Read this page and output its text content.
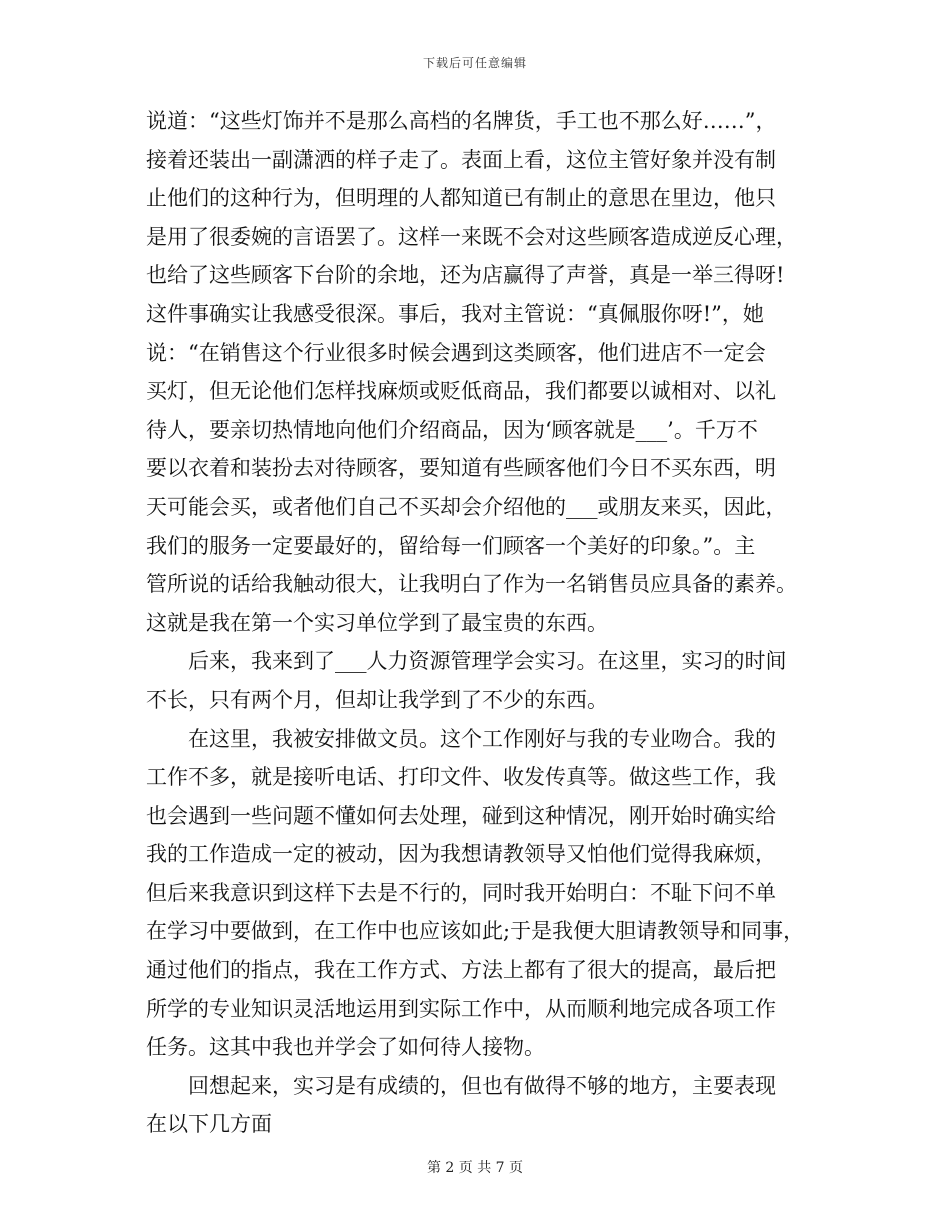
下载后可任意编辑
说道：“这些灯饰并不是那么高档的名牌货，手工也不那么好……”，
接着还装出一副潇洒的样子走了。表面上看，这位主管好象并没有制
止他们的这种行为，但明理的人都知道已有制止的意思在里边，他只
是用了很委婉的言语罢了。这样一来既不会对这些顾客造成逆反心理，
也给了这些顾客下台阶的余地，还为店赢得了声誉，真是一举三得呀!
这件事确实让我感受很深。事后，我对主管说：“真佩服你呀!”，她
说：“在销售这个行业很多时候会遇到这类顾客，他们进店不一定会
买灯，但无论他们怎样找麻烦或贬低商品，我们都要以诚相对、以礼
待人，要亲切热情地向他们介绍商品，因为‘顾客就是___’。千万不
要以衣着和装扮去对待顾客，要知道有些顾客他们今日不买东西，明
天可能会买，或者他们自己不买却会介绍他的___或朋友来买，因此，
我们的服务一定要最好的，留给每一们顾客一个美好的印象。”。主
管所说的话给我触动很大，让我明白了作为一名销售员应具备的素养。
这就是我在第一个实习单位学到了最宝贵的东西。
后来，我来到了___人力资源管理学会实习。在这里，实习的时间
不长，只有两个月，但却让我学到了不少的东西。
在这里，我被安排做文员。这个工作刚好与我的专业吻合。我的
工作不多，就是接听电话、打印文件、收发传真等。做这些工作，我
也会遇到一些问题不懂如何去处理，碰到这种情况，刚开始时确实给
我的工作造成一定的被动，因为我想请教领导又怕他们觉得我麻烦，
但后来我意识到这样下去是不行的，同时我开始明白：不耻下问不单
在学习中要做到，在工作中也应该如此;于是我便大胆请教领导和同事，
通过他们的指点，我在工作方式、方法上都有了很大的提高，最后把
所学的专业知识灵活地运用到实际工作中，从而顺利地完成各项工作
任务。这其中我也并学会了如何待人接物。
回想起来，实习是有成绩的，但也有做得不够的地方，主要表现
在以下几方面
第 2 页 共 7 页
